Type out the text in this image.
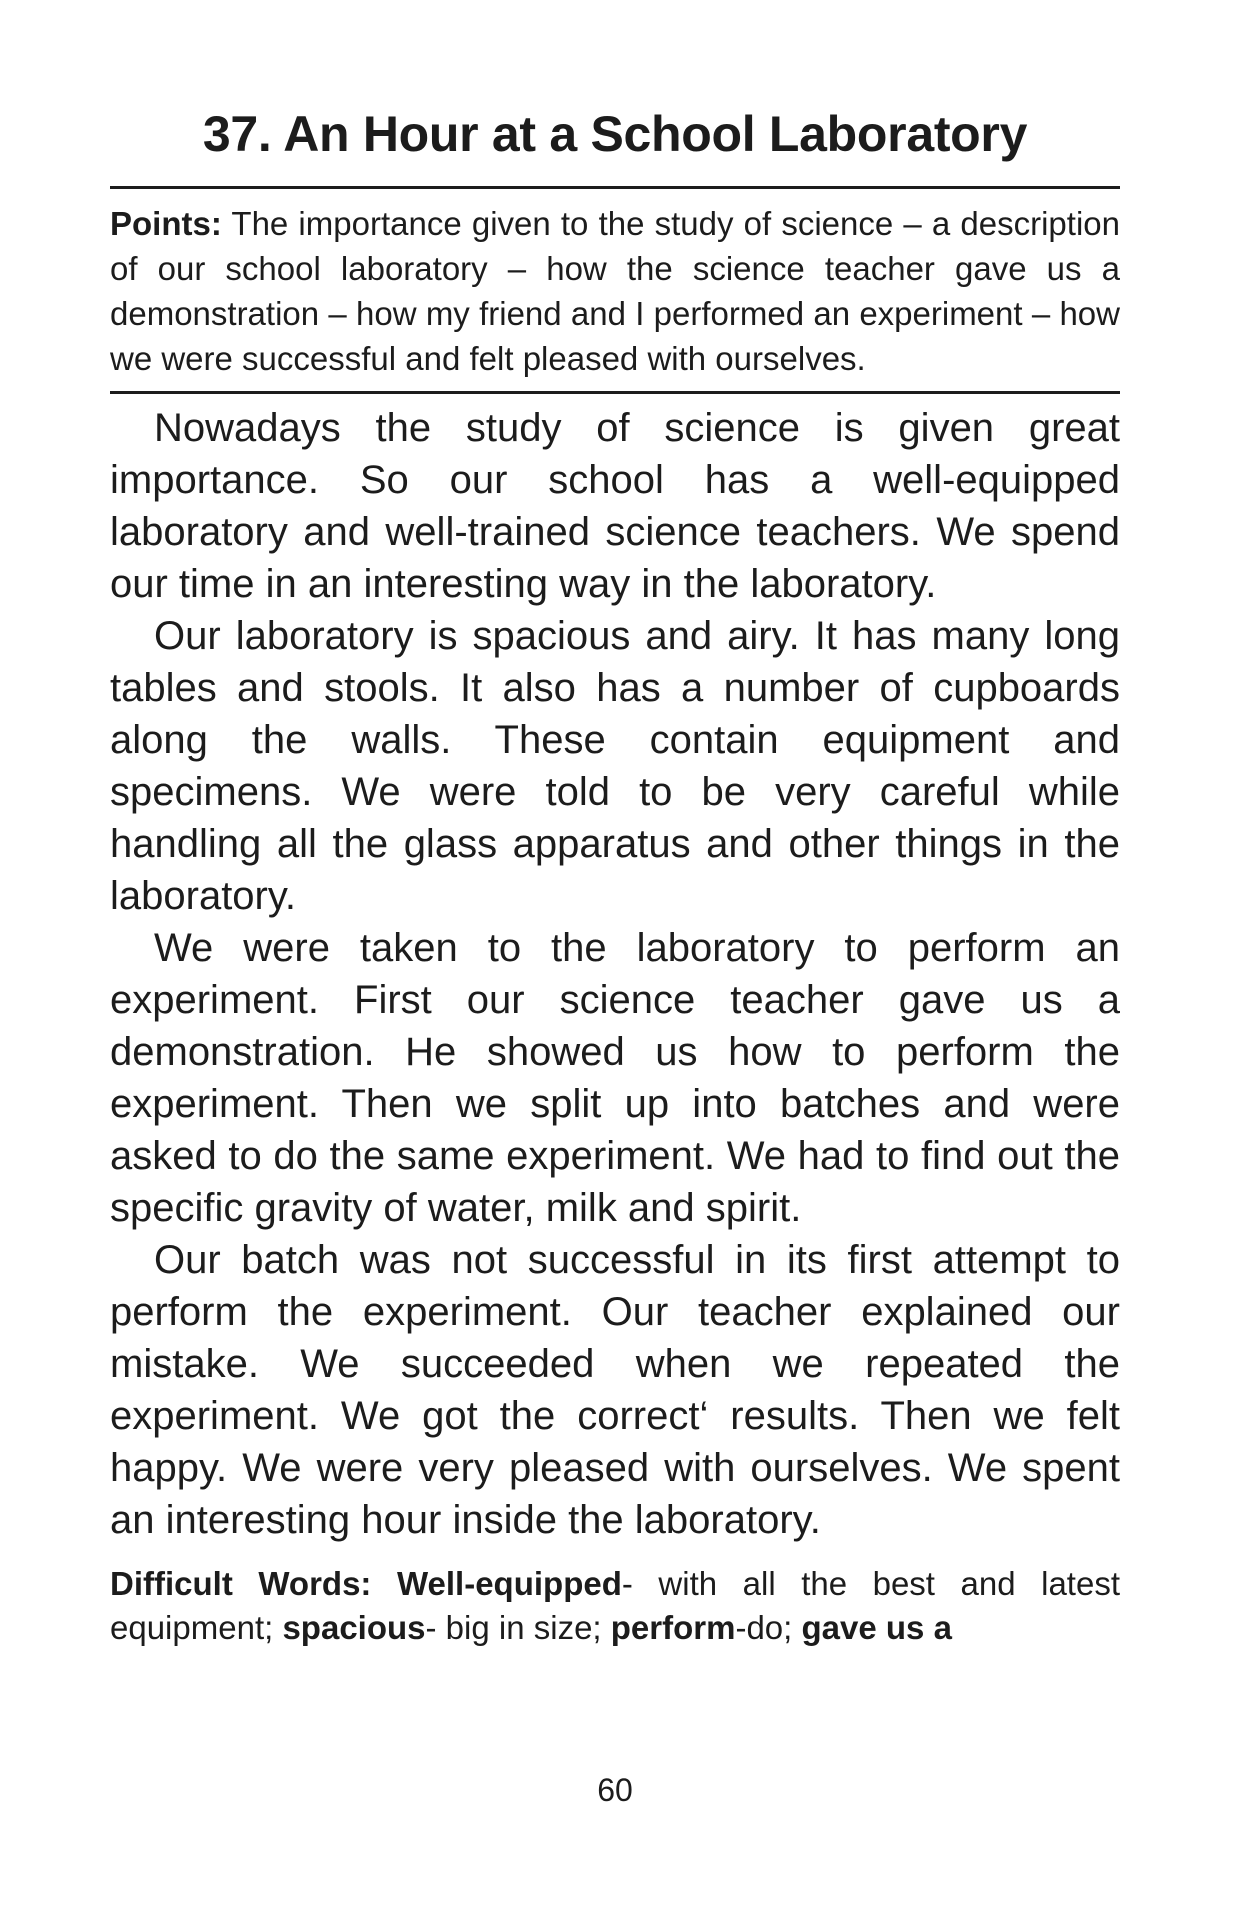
37. An Hour at a School Laboratory
Points: The importance given to the study of science – a description of our school laboratory – how the science teacher gave us a demonstration – how my friend and I performed an experiment – how we were successful and felt pleased with ourselves.

Nowadays the study of science is given great importance. So our school has a well-equipped laboratory and well-trained science teachers. We spend our time in an interesting way in the laboratory.

Our laboratory is spacious and airy. It has many long tables and stools. It also has a number of cupboards along the walls. These contain equipment and specimens. We were told to be very careful while handling all the glass apparatus and other things in the laboratory.

We were taken to the laboratory to perform an experiment. First our science teacher gave us a demonstration. He showed us how to perform the experiment. Then we split up into batches and were asked to do the same experiment. We had to find out the specific gravity of water, milk and spirit.

Our batch was not successful in its first attempt to perform the experiment. Our teacher explained our mistake. We succeeded when we repeated the experiment. We got the correct‘ results. Then we felt happy. We were very pleased with ourselves. We spent an interesting hour inside the laboratory.

Difficult Words: Well-equipped- with all the best and latest equipment; spacious- big in size; perform-do; gave us a
60
